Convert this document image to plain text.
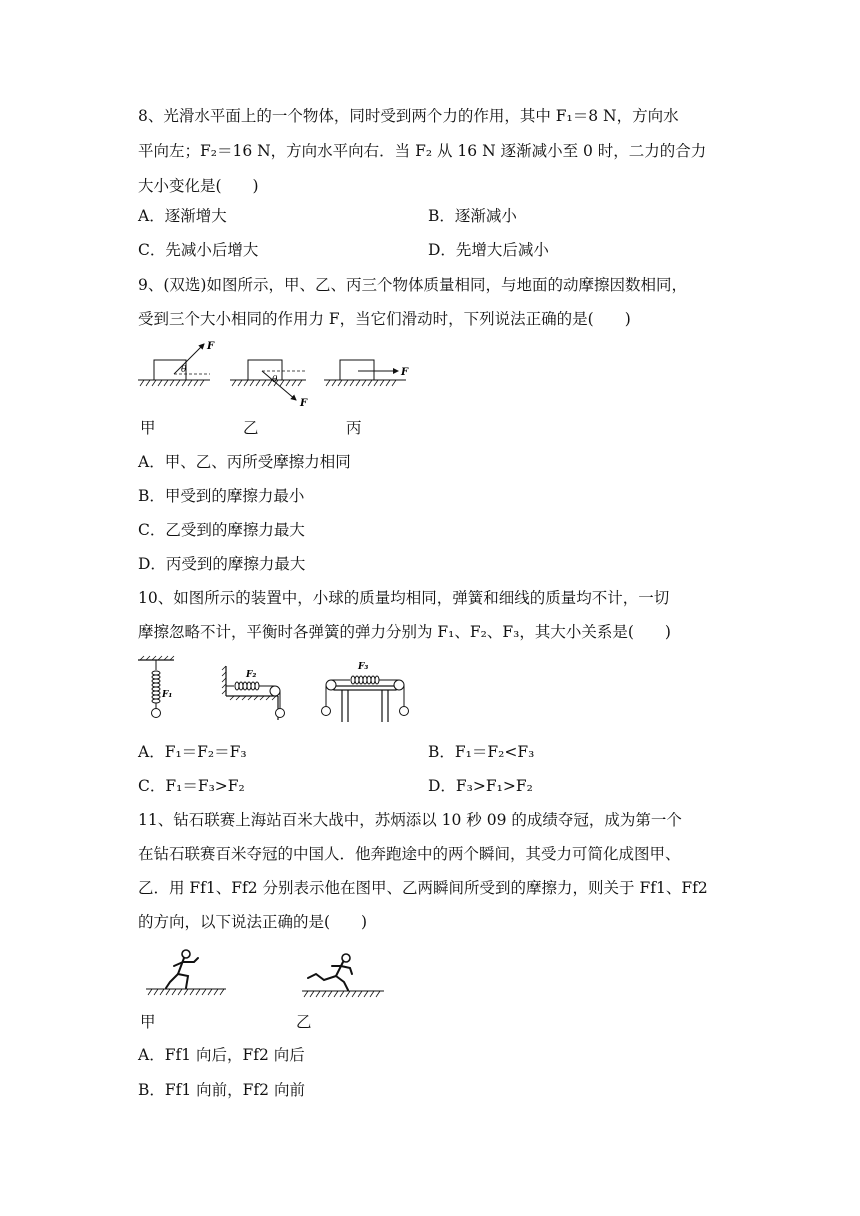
8、光滑水平面上的一个物体，同时受到两个力的作用，其中 F₁＝8 N，方向水
平向左；F₂＝16 N，方向水平向右．当 F₂ 从 16 N 逐渐减小至 0 时，二力的合力
大小变化是(　　)
A．逐渐增大	B．逐渐减小
C．先减小后增大	D．先增大后减小
9、(双选)如图所示，甲、乙、丙三个物体质量相同，与地面的动摩擦因数相同，
受到三个大小相同的作用力 F，当它们滑动时，下列说法正确的是(　　)
F
θ
F
θ
F
甲	乙	丙
A．甲、乙、丙所受摩擦力相同
B．甲受到的摩擦力最小
C．乙受到的摩擦力最大
D．丙受到的摩擦力最大
10、如图所示的装置中，小球的质量均相同，弹簧和细线的质量均不计，一切
摩擦忽略不计，平衡时各弹簧的弹力分别为 F₁、F₂、F₃，其大小关系是(　　)
F₁
F₂
F₃
A．F₁＝F₂＝F₃	B．F₁＝F₂<F₃
C．F₁＝F₃>F₂	D．F₃>F₁>F₂
11、钻石联赛上海站百米大战中，苏炳添以 10 秒 09 的成绩夺冠，成为第一个
在钻石联赛百米夺冠的中国人．他奔跑途中的两个瞬间，其受力可简化成图甲、
乙．用 Ff1、Ff2 分别表示他在图甲、乙两瞬间所受到的摩擦力，则关于 Ff1、Ff2
的方向，以下说法正确的是(　　)
甲	乙
A．Ff1 向后，Ff2 向后
B．Ff1 向前，Ff2 向前
